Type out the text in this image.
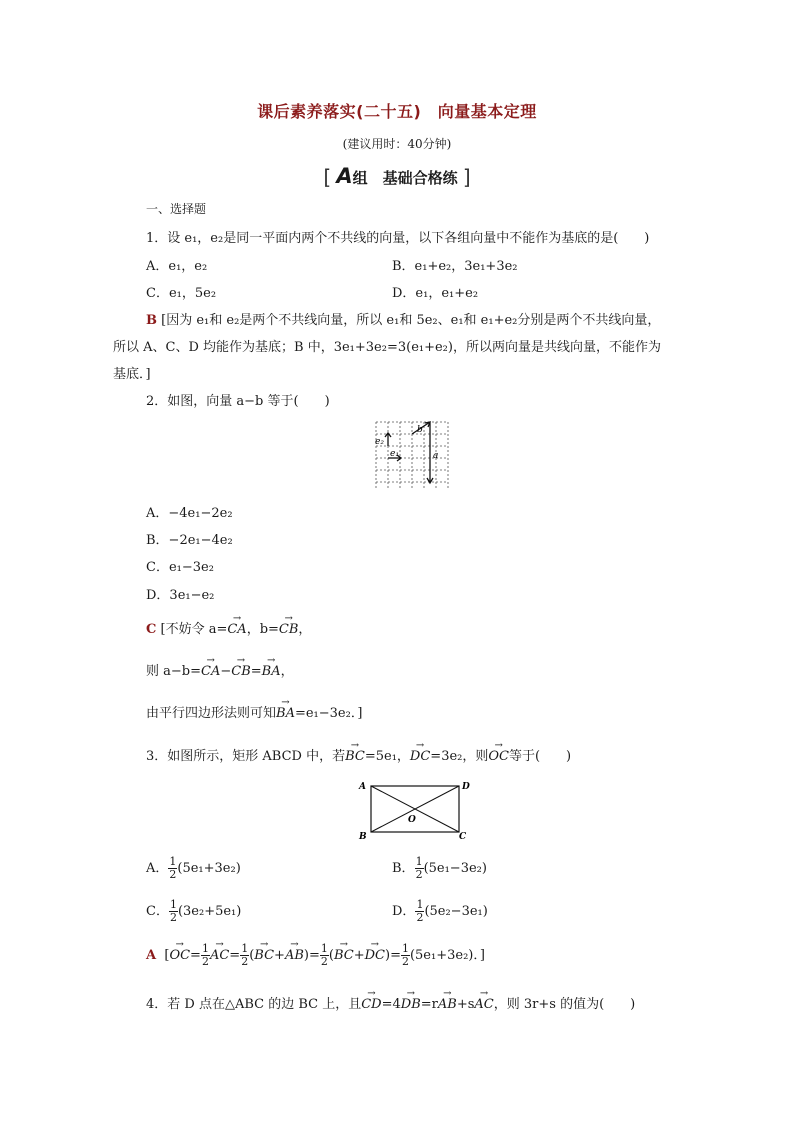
课后素养落实(二十五)　向量基本定理
(建议用时：40分钟)
[ A组　基础合格练 ]
一、选择题
1．设 e₁，e₂是同一平面内两个不共线的向量，以下各组向量中不能作为基底的是(　　)
A．e₁，e₂	B．e₁+e₂，3e₁+3e₂
C．e₁，5e₂	D．e₁，e₁+e₂
B [因为 e₁和 e₂是两个不共线向量，所以 e₁和 5e₂、e₁和 e₁+e₂分别是两个不共线向量，
所以 A、C、D 均能作为基底；B 中，3e₁+3e₂=3(e₁+e₂)，所以两向量是共线向量，不能作为
基底．]
2．如图，向量 a−b 等于(　　)
e₂
e₁
b
a
A．−4e₁−2e₂
B．−2e₁−4e₂
C．e₁−3e₂
D．3e₁−e₂
C [不妨令 a=→ CA，b=→ CB，
则 a−b=→ CA−→ CB=→ BA，
由平行四边形法则可知→ BA=e₁−3e₂．]
3．如图所示，矩形 ABCD 中，若→ BC=5e₁，→ DC=3e₂，则→ OC等于(　　)
A	D
B	C
O
A． $\frac{1}{2} (5e_1+3e_2)$	B． $\frac{1}{2} (5e_1-3e_2)$
C． $\frac{1}{2} (3e_2+5e_1)$	D． $\frac{1}{2} (5e_2-3e_1)$
A [→ $OC= \frac{1}{2}$
→ $AC= \frac{1}{2}$ (→ $BC+\to AB)= \frac{1}{2}$ (→ $BC+\to DC)= \frac{1}{2} (5e_1+3e_2)$．]
4．若 D 点在△ABC 的边 BC 上，且→ CD=4→ DB=r→ AB+s→ AC，则 3r+s 的值为(　　)
